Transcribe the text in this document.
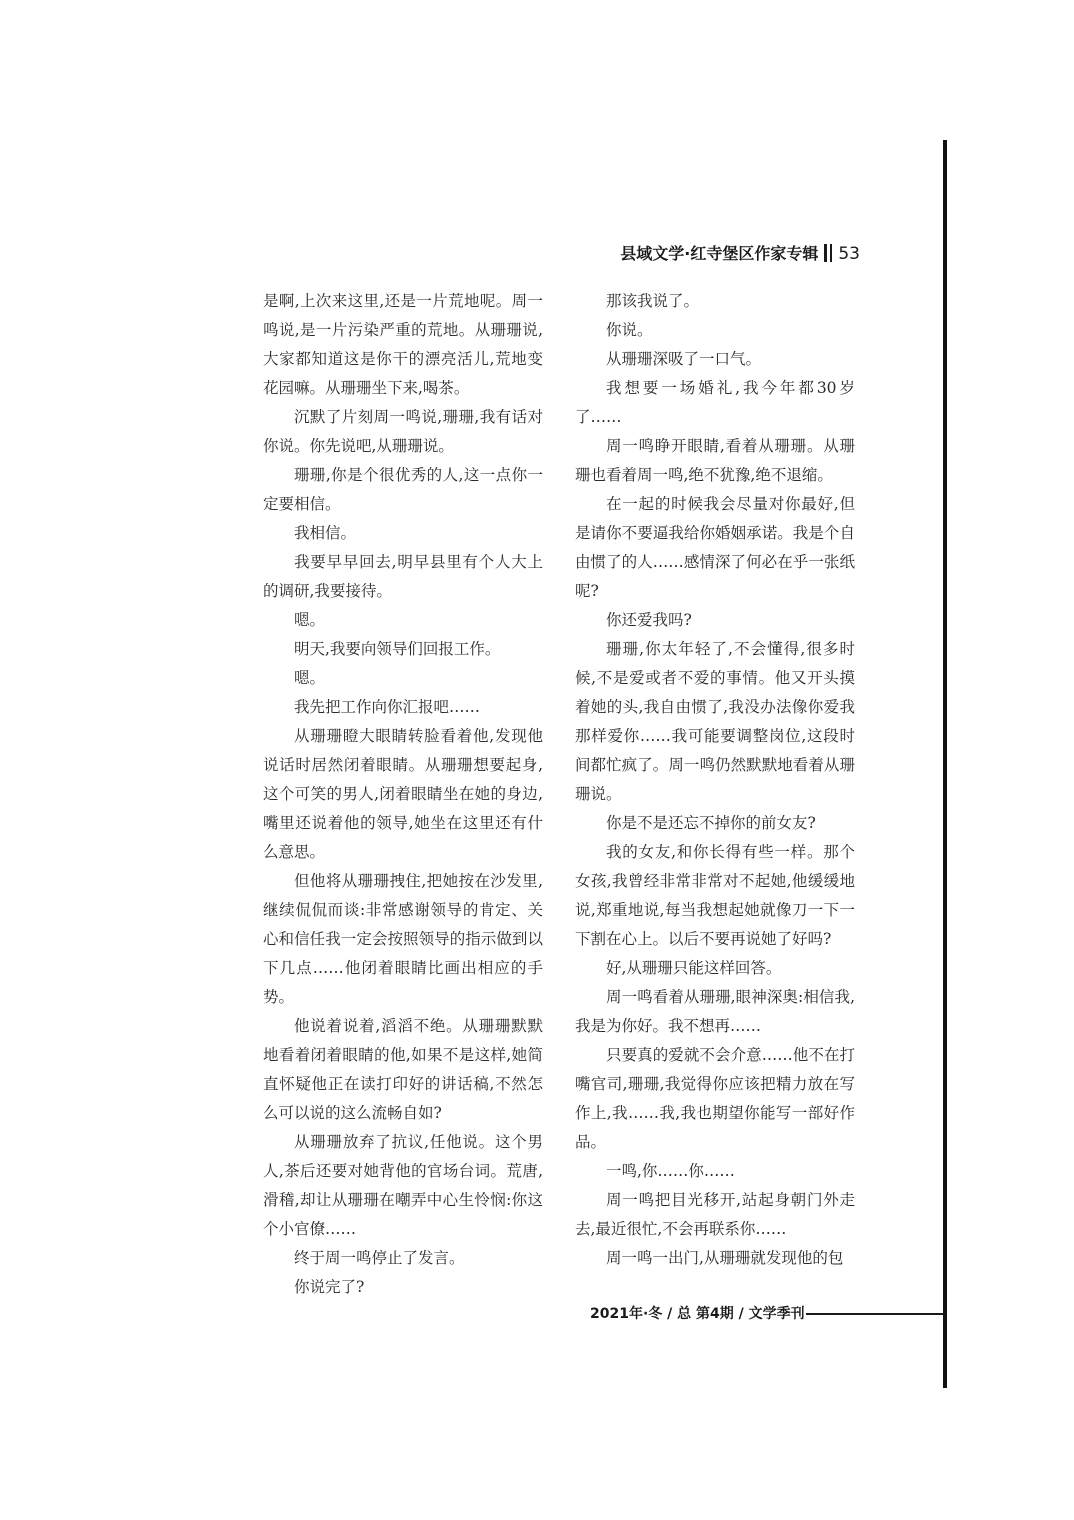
县域文学·红寺堡区作家专辑 53

是啊,上次来这里,还是一片荒地呢。周一鸣说,是一片污染严重的荒地。从珊珊说,大家都知道这是你干的漂亮活儿,荒地变花园嘛。从珊珊坐下来,喝茶。

沉默了片刻周一鸣说,珊珊,我有话对你说。你先说吧,从珊珊说。

珊珊,你是个很优秀的人,这一点你一定要相信。

我相信。

我要早早回去,明早县里有个人大上的调研,我要接待。

嗯。

明天,我要向领导们回报工作。

嗯。

我先把工作向你汇报吧……

从珊珊瞪大眼睛转脸看着他,发现他说话时居然闭着眼睛。从珊珊想要起身,这个可笑的男人,闭着眼睛坐在她的身边,嘴里还说着他的领导,她坐在这里还有什么意思。

但他将从珊珊拽住,把她按在沙发里,继续侃侃而谈:非常感谢领导的肯定、关心和信任我一定会按照领导的指示做到以下几点……他闭着眼睛比画出相应的手势。

他说着说着,滔滔不绝。从珊珊默默地看着闭着眼睛的他,如果不是这样,她简直怀疑他正在读打印好的讲话稿,不然怎么可以说的这么流畅自如?

从珊珊放弃了抗议,任他说。这个男人,茶后还要对她背他的官场台词。荒唐,滑稽,却让从珊珊在嘲弄中心生怜悯:你这个小官僚……

终于周一鸣停止了发言。

你说完了?

那该我说了。

你说。

从珊珊深吸了一口气。

我想要一场婚礼,我今年都30岁了……

周一鸣睁开眼睛,看着从珊珊。从珊珊也看着周一鸣,绝不犹豫,绝不退缩。

在一起的时候我会尽量对你最好,但是请你不要逼我给你婚姻承诺。我是个自由惯了的人……感情深了何必在乎一张纸呢?

你还爱我吗?

珊珊,你太年轻了,不会懂得,很多时候,不是爱或者不爱的事情。他又开头摸着她的头,我自由惯了,我没办法像你爱我那样爱你……我可能要调整岗位,这段时间都忙疯了。周一鸣仍然默默地看着从珊珊说。

你是不是还忘不掉你的前女友?

我的女友,和你长得有些一样。那个女孩,我曾经非常非常对不起她,他缓缓地说,郑重地说,每当我想起她就像刀一下一下割在心上。以后不要再说她了好吗?

好,从珊珊只能这样回答。

周一鸣看着从珊珊,眼神深奥:相信我,我是为你好。我不想再……

只要真的爱就不会介意……他不在打嘴官司,珊珊,我觉得你应该把精力放在写作上,我……我,我也期望你能写一部好作品。

一鸣,你……你……

周一鸣把目光移开,站起身朝门外走去,最近很忙,不会再联系你……

周一鸣一出门,从珊珊就发现他的包

2021年·冬 / 总 第4期 / 文学季刊
